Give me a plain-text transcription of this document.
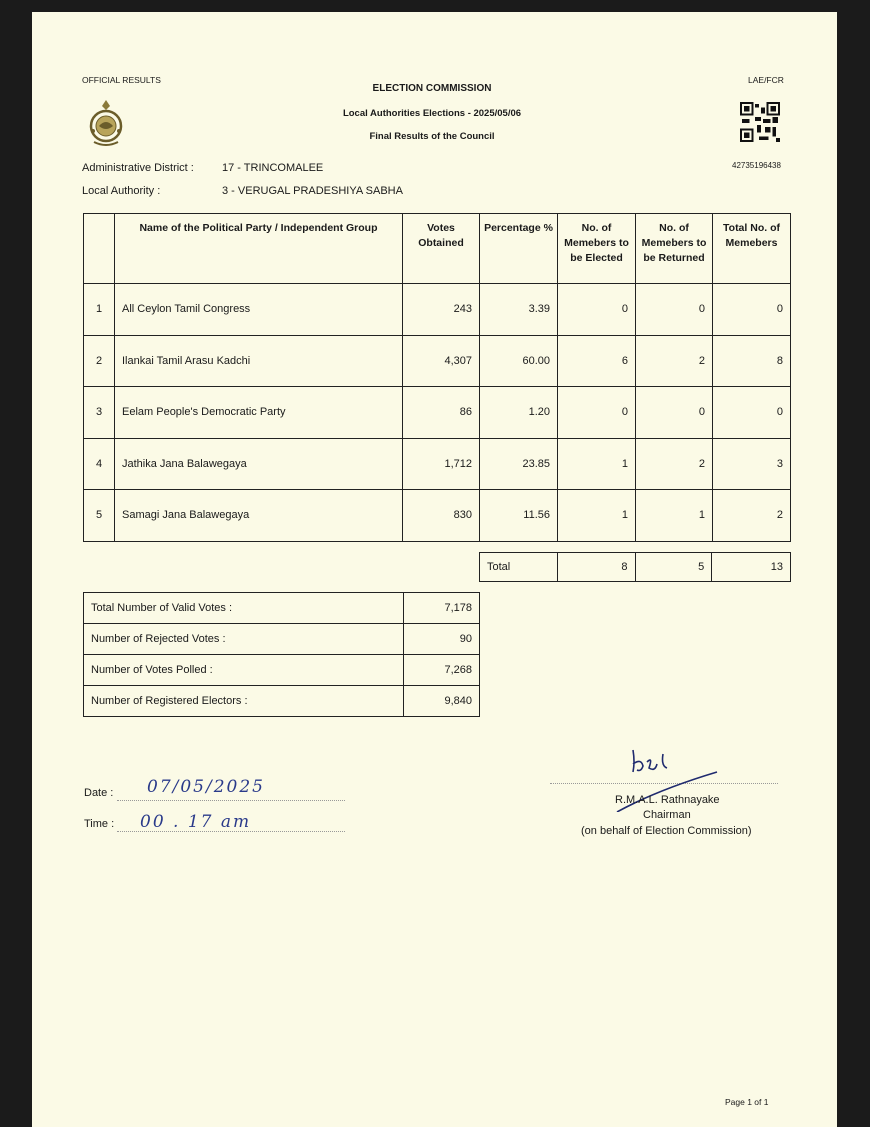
OFFICIAL RESULTS	LAE/FCR
ELECTION COMMISSION
Local Authorities Elections - 2025/05/06
Final Results of the Council
42735196438
Administrative District :	17 - TRINCOMALEE
Local Authority :	3 - VERUGAL PRADESHIYA SABHA
	Name of the Political Party / Independent Group	Votes Obtained	Percentage %	No. of Memebers to be Elected	No. of Memebers to be Returned	Total No. of Memebers
1	All Ceylon Tamil Congress	243	3.39	0	0	0
2	Ilankai Tamil Arasu Kadchi	4,307	60.00	6	2	8
3	Eelam People's Democratic Party	86	1.20	0	0	0
4	Jathika Jana Balawegaya	1,712	23.85	1	2	3
5	Samagi Jana Balawegaya	830	11.56	1	1	2
Total	8	5	13
Total Number of Valid Votes :	7,178
Number of Rejected Votes :	90
Number of Votes Polled :	7,268
Number of Registered Electors :	9,840
Date : 07/05/2025
Time : 00 . 17 am
R.M.A.L. Rathnayake
Chairman
(on behalf of Election Commission)
Page 1 of 1
